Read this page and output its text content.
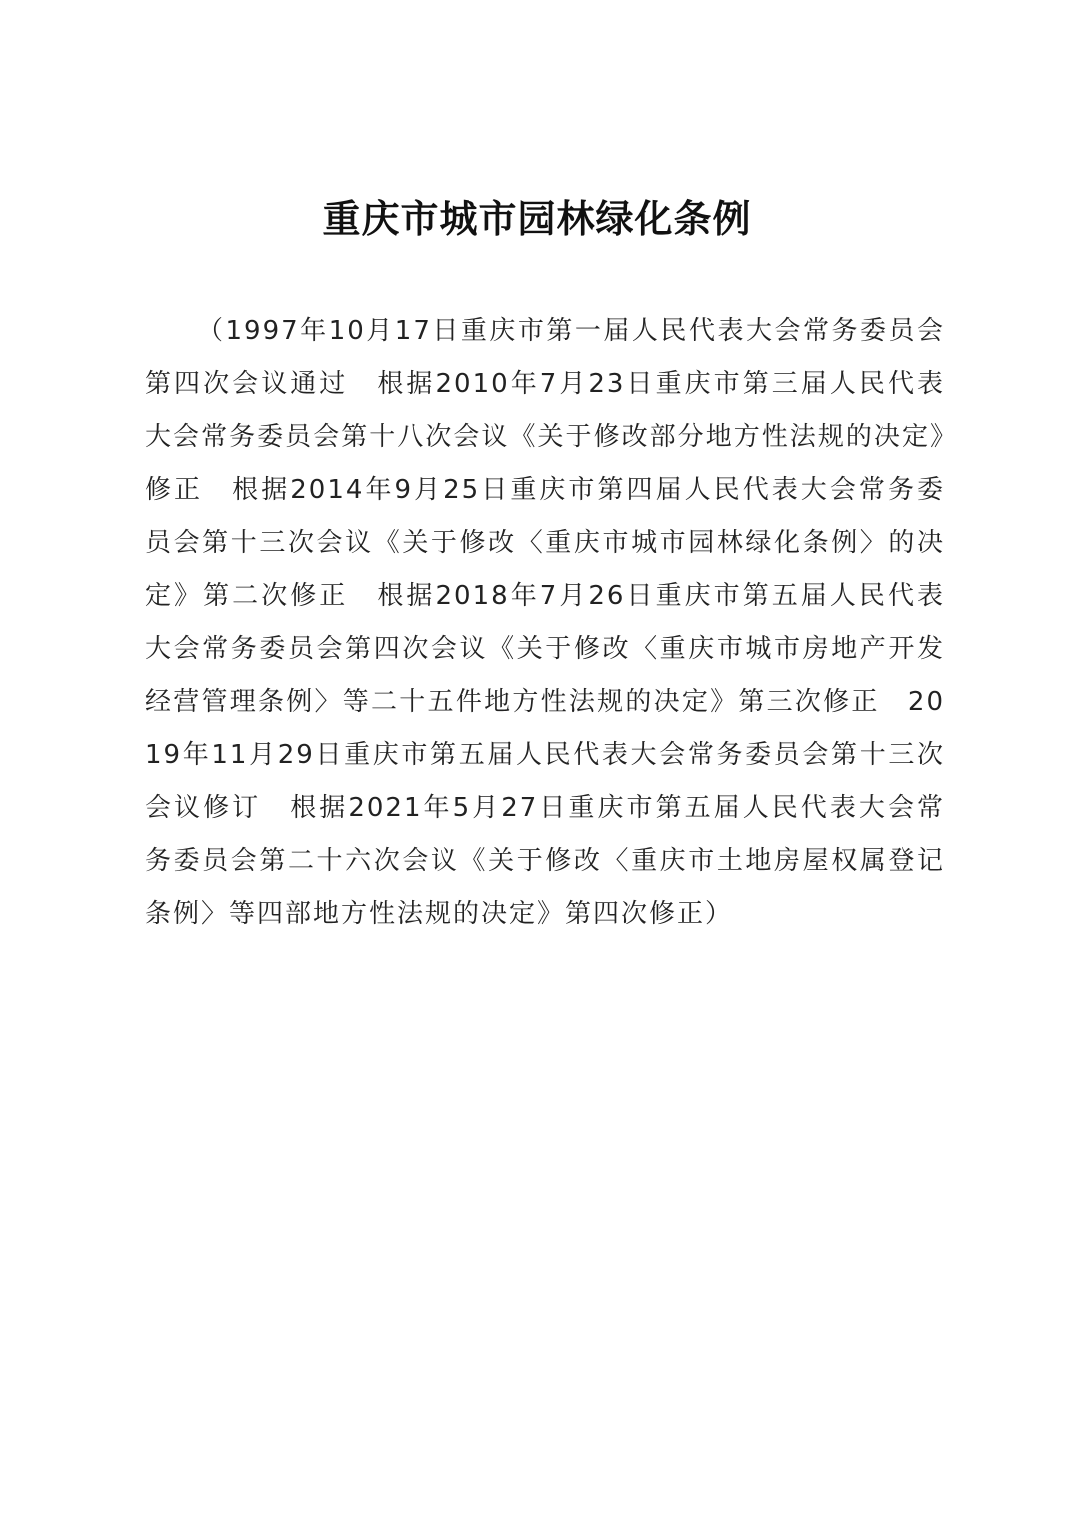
重庆市城市园林绿化条例

（1997年10月17日重庆市第一届人民代表大会常务委员会第四次会议通过　根据2010年7月23日重庆市第三届人民代表大会常务委员会第十八次会议《关于修改部分地方性法规的决定》修正　根据2014年9月25日重庆市第四届人民代表大会常务委员会第十三次会议《关于修改〈重庆市城市园林绿化条例〉的决定》第二次修正　根据2018年7月26日重庆市第五届人民代表大会常务委员会第四次会议《关于修改〈重庆市城市房地产开发经营管理条例〉等二十五件地方性法规的决定》第三次修正　2019年11月29日重庆市第五届人民代表大会常务委员会第十三次会议修订　根据2021年5月27日重庆市第五届人民代表大会常务委员会第二十六次会议《关于修改〈重庆市土地房屋权属登记条例〉等四部地方性法规的决定》第四次修正）
